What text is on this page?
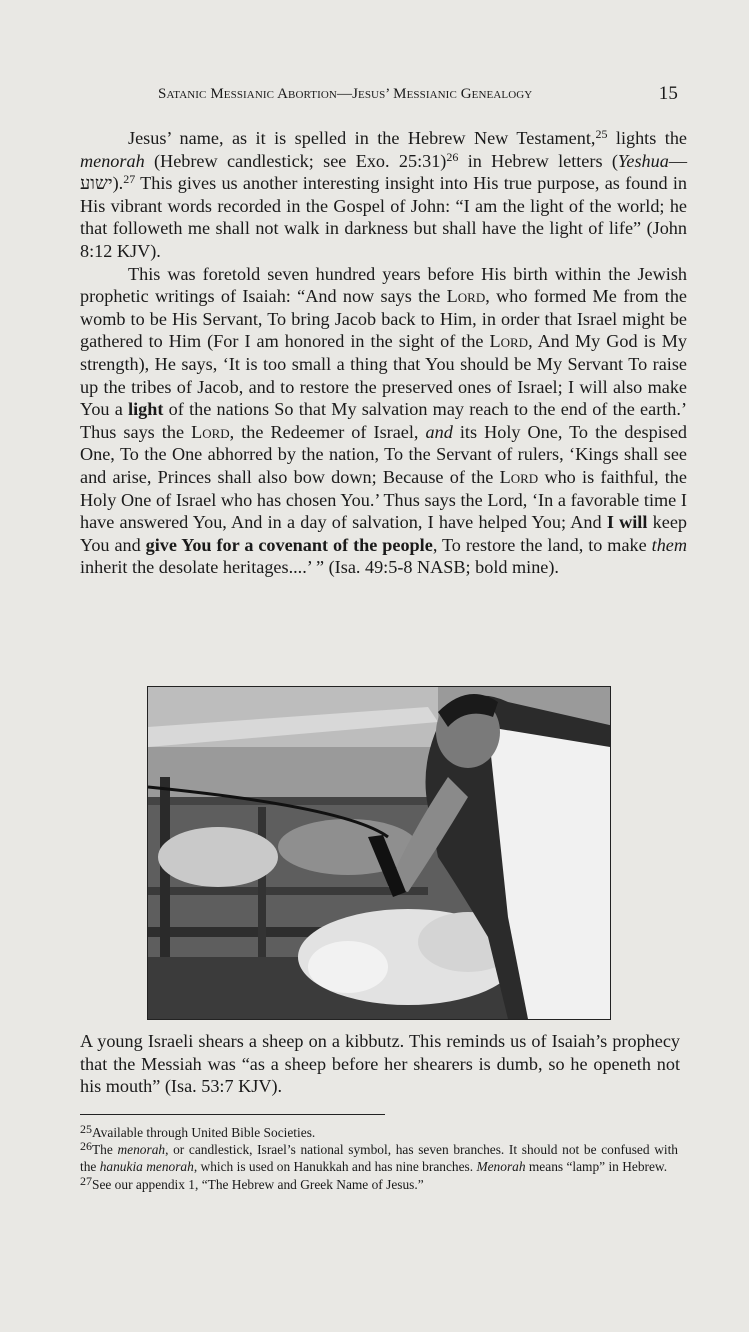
Satanic Messianic Abortion—Jesus’ Messianic Genealogy	15

Jesus’ name, as it is spelled in the Hebrew New Testament,$^{25}$ lights the menorah (Hebrew candlestick; see Exo. 25:31)$^{26}$ in Hebrew letters (Yeshua—ישוע).$^{27}$ This gives us another interesting insight into His true purpose, as found in His vibrant words recorded in the Gospel of John: “I am the light of the world; he that followeth me shall not walk in darkness but shall have the light of life” (John 8:12 KJV).

This was foretold seven hundred years before His birth within the Jewish prophetic writings of Isaiah: “And now says the Lord, who formed Me from the womb to be His Servant, To bring Jacob back to Him, in order that Israel might be gathered to Him (For I am honored in the sight of the Lord, And My God is My strength), He says, ‘It is too small a thing that You should be My Servant To raise up the tribes of Jacob, and to restore the preserved ones of Israel; I will also make You a light of the nations So that My salvation may reach to the end of the earth.’ Thus says the Lord, the Redeemer of Israel, and its Holy One, To the despised One, To the One abhorred by the nation, To the Servant of rulers, ‘Kings shall see and arise, Princes shall also bow down; Because of the Lord who is faithful, the Holy One of Israel who has chosen You.’ Thus says the Lord, ‘In a favorable time I have answered You, And in a day of salvation, I have helped You; And I will keep You and give You for a covenant of the people, To restore the land, to make them inherit the desolate heritages....’ ” (Isa. 49:5-8 NASB; bold mine).

A young Israeli shears a sheep on a kibbutz. This reminds us of Isaiah’s prophecy that the Messiah was “as a sheep before her shearers is dumb, so he openeth not his mouth” (Isa. 53:7 KJV).

$^{25}$Available through United Bible Societies.

$^{26}$The menorah, or candlestick, Israel’s national symbol, has seven branches. It should not be confused with the hanukia menorah, which is used on Hanukkah and has nine branches. Menorah means “lamp” in Hebrew.

$^{27}$See our appendix 1, “The Hebrew and Greek Name of Jesus.”
